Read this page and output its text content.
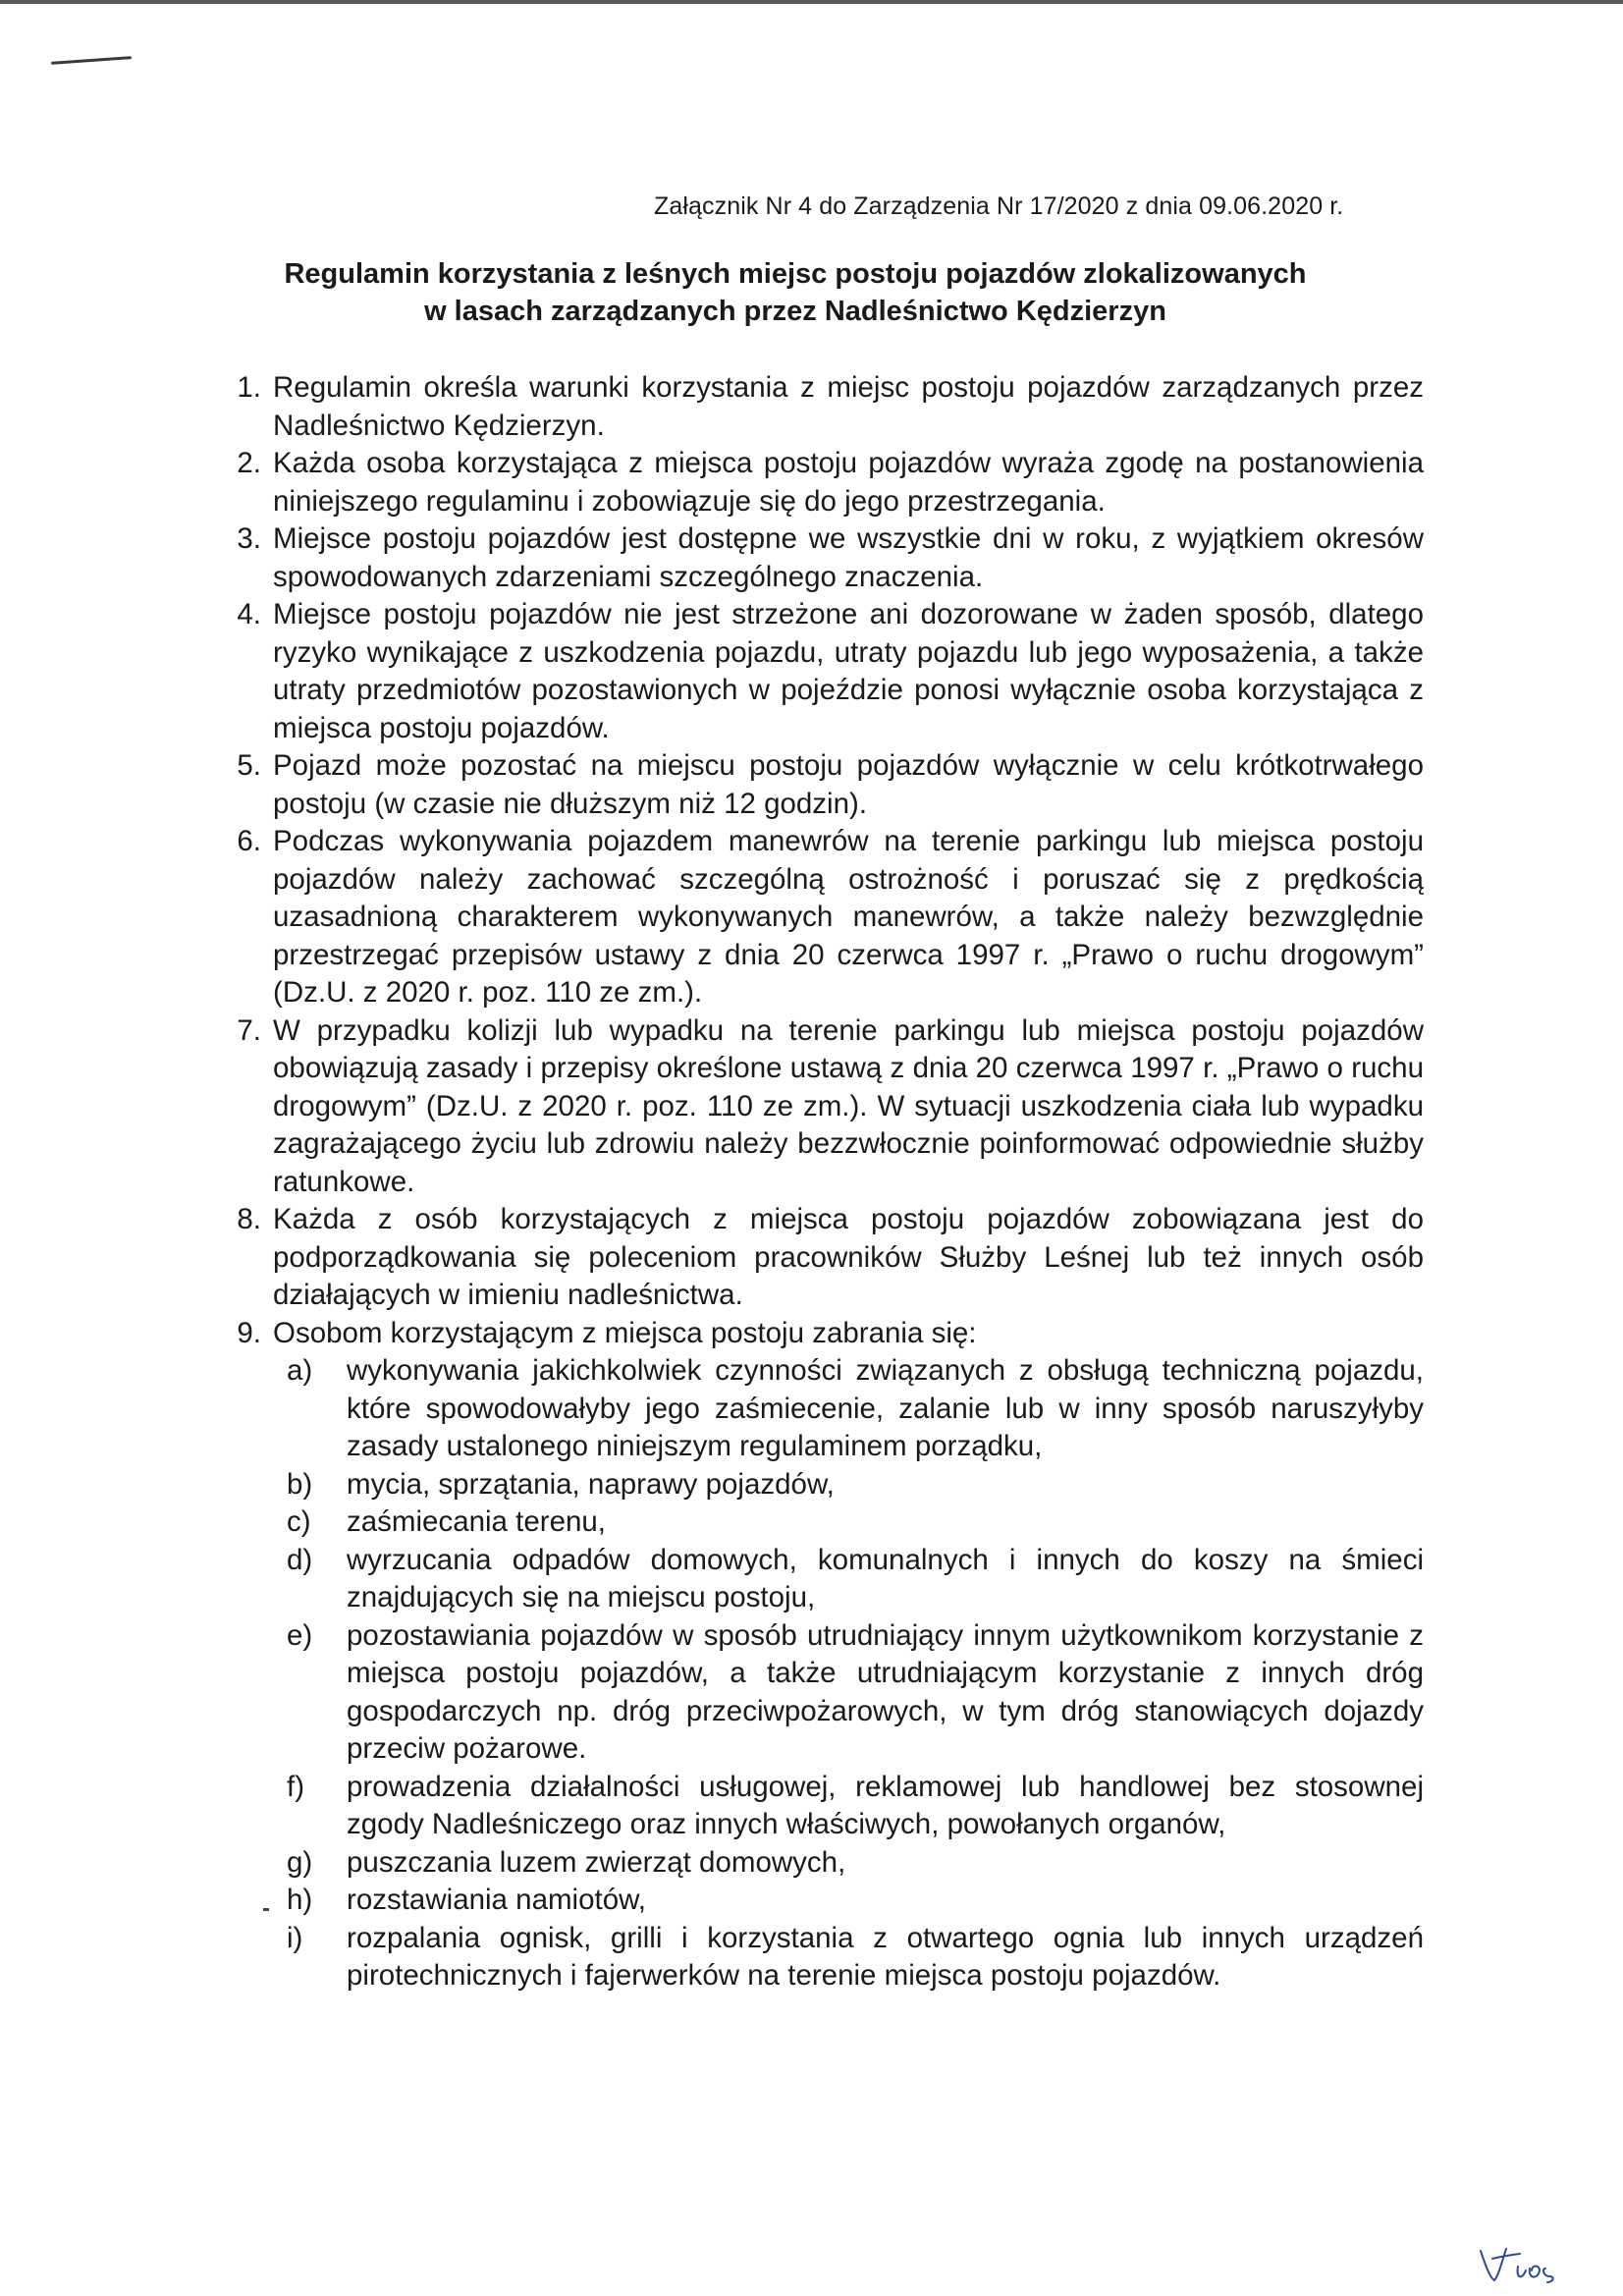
Załącznik Nr 4 do Zarządzenia Nr 17/2020 z dnia 09.06.2020 r.
Regulamin korzystania z leśnych miejsc postoju pojazdów zlokalizowanych
w lasach zarządzanych przez Nadleśnictwo Kędzierzyn
1. Regulamin określa warunki korzystania z miejsc postoju pojazdów zarządzanych przez Nadleśnictwo Kędzierzyn.
2. Każda osoba korzystająca z miejsca postoju pojazdów wyraża zgodę na postanowienia niniejszego regulaminu i zobowiązuje się do jego przestrzegania.
3. Miejsce postoju pojazdów jest dostępne we wszystkie dni w roku, z wyjątkiem okresów spowodowanych zdarzeniami szczególnego znaczenia.
4. Miejsce postoju pojazdów nie jest strzeżone ani dozorowane w żaden sposób, dlatego ryzyko wynikające z uszkodzenia pojazdu, utraty pojazdu lub jego wyposażenia, a także utraty przedmiotów pozostawionych w pojeździe ponosi wyłącznie osoba korzystająca z miejsca postoju pojazdów.
5. Pojazd może pozostać na miejscu postoju pojazdów wyłącznie w celu krótkotrwałego postoju (w czasie nie dłuższym niż 12 godzin).
6. Podczas wykonywania pojazdem manewrów na terenie parkingu lub miejsca postoju pojazdów należy zachować szczególną ostrożność i poruszać się z prędkością uzasadnioną charakterem wykonywanych manewrów, a także należy bezwzględnie przestrzegać przepisów ustawy z dnia 20 czerwca 1997 r. „Prawo o ruchu drogowym” (Dz.U. z 2020 r. poz. 110 ze zm.).
7. W przypadku kolizji lub wypadku na terenie parkingu lub miejsca postoju pojazdów obowiązują zasady i przepisy określone ustawą z dnia 20 czerwca 1997 r. „Prawo o ruchu drogowym” (Dz.U. z 2020 r. poz. 110 ze zm.). W sytuacji uszkodzenia ciała lub wypadku zagrażającego życiu lub zdrowiu należy bezzwłocznie poinformować odpowiednie służby ratunkowe.
8. Każda z osób korzystających z miejsca postoju pojazdów zobowiązana jest do podporządkowania się poleceniom pracowników Służby Leśnej lub też innych osób działających w imieniu nadleśnictwa.
9. Osobom korzystającym z miejsca postoju zabrania się:
a) wykonywania jakichkolwiek czynności związanych z obsługą techniczną pojazdu, które spowodowałyby jego zaśmiecenie, zalanie lub w inny sposób naruszyłyby zasady ustalonego niniejszym regulaminem porządku,
b) mycia, sprzątania, naprawy pojazdów,
c) zaśmiecania terenu,
d) wyrzucania odpadów domowych, komunalnych i innych do koszy na śmieci znajdujących się na miejscu postoju,
e) pozostawiania pojazdów w sposób utrudniający innym użytkownikom korzystanie z miejsca postoju pojazdów, a także utrudniającym korzystanie z innych dróg gospodarczych np. dróg przeciwpożarowych, w tym dróg stanowiących dojazdy przeciw pożarowe.
f) prowadzenia działalności usługowej, reklamowej lub handlowej bez stosownej zgody Nadleśniczego oraz innych właściwych, powołanych organów,
g) puszczania luzem zwierząt domowych,
h) rozstawiania namiotów,
i) rozpalania ognisk, grilli i korzystania z otwartego ognia lub innych urządzeń pirotechnicznych i fajerwerków na terenie miejsca postoju pojazdów.
